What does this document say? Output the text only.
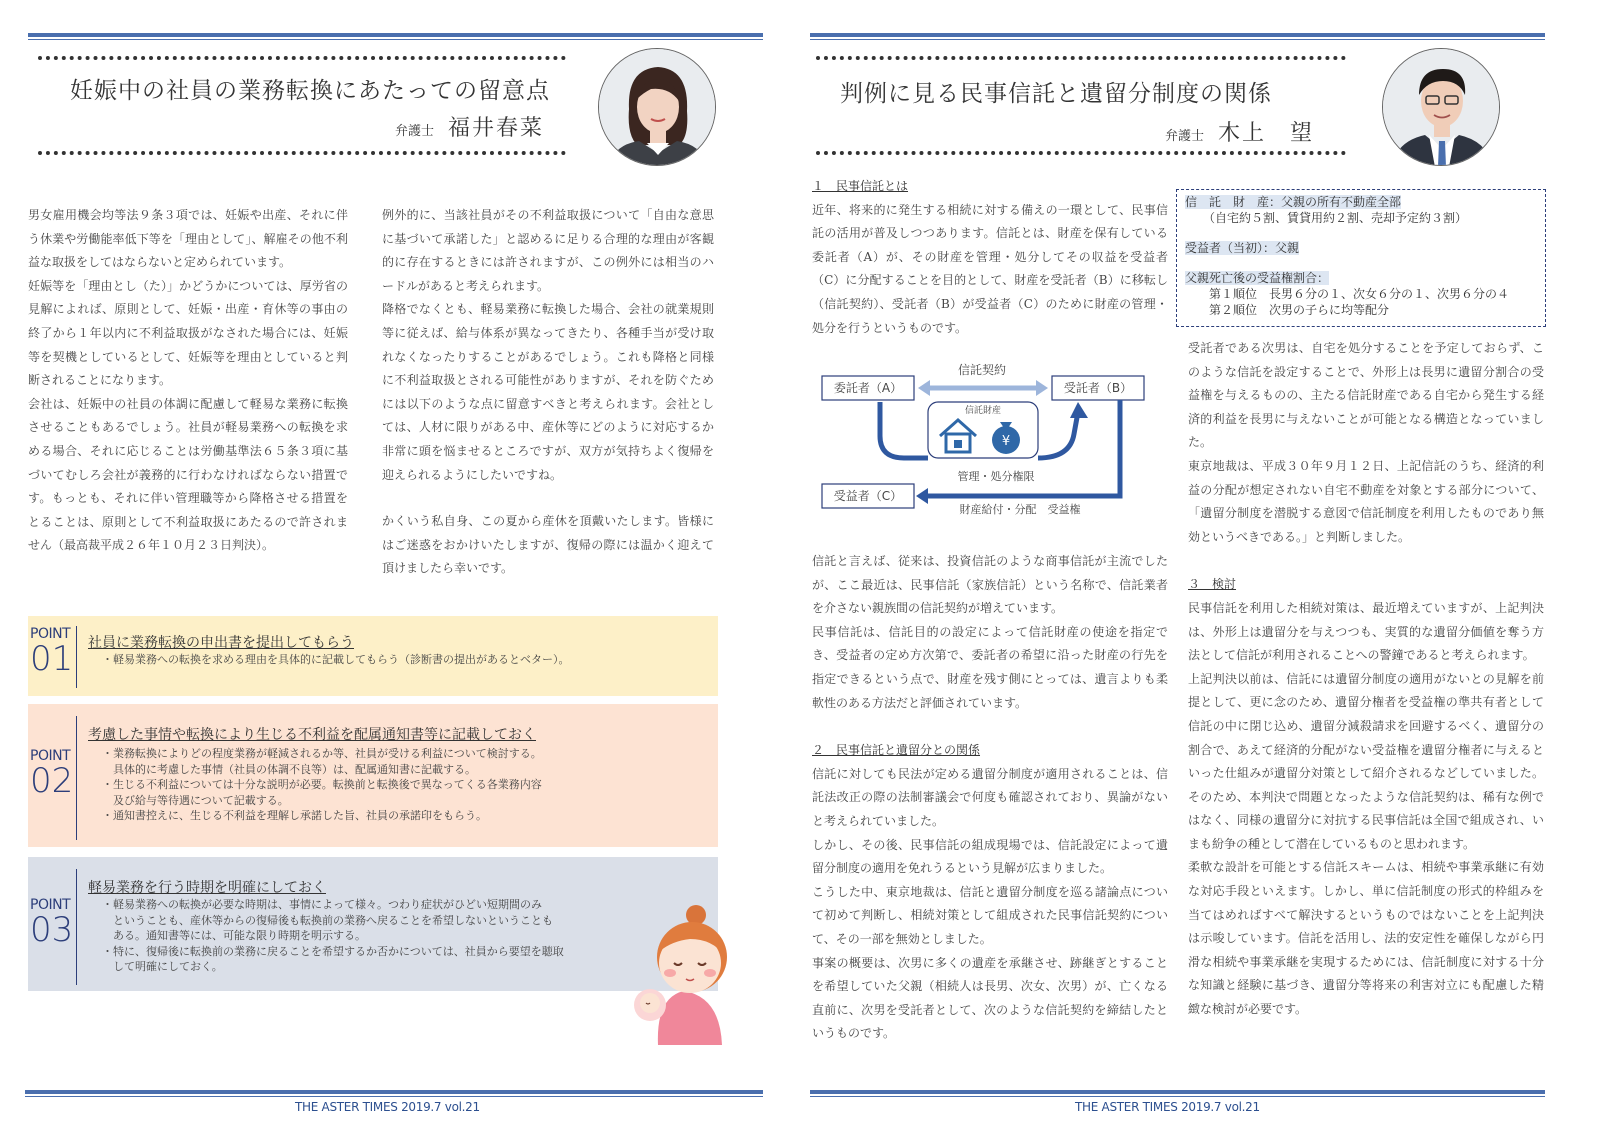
妊娠中の社員の業務転換にあたっての留意点
弁護士 福井春菜

男女雇用機会均等法９条３項では、妊娠や出産、それに伴う休業や労働能率低下等を「理由として」、解雇その他不利益な取扱をしてはならないと定められています。

妊娠等を「理由とし（た）」かどうかについては、厚労省の見解によれば、原則として、妊娠・出産・育休等の事由の終了から１年以内に不利益取扱がなされた場合には、妊娠等を契機としているとして、妊娠等を理由としていると判断されることになります。

会社は、妊娠中の社員の体調に配慮して軽易な業務に転換させることもあるでしょう。社員が軽易業務への転換を求める場合、それに応じることは労働基準法６５条３項に基づいてむしろ会社が義務的に行わなければならない措置です。もっとも、それに伴い管理職等から降格させる措置をとることは、原則として不利益取扱にあたるので許されません（最高裁平成２６年１０月２３日判決）。

例外的に、当該社員がその不利益取扱について「自由な意思に基づいて承諾した」と認めるに足りる合理的な理由が客観的に存在するときには許されますが、この例外には相当のハードルがあると考えられます。

降格でなくとも、軽易業務に転換した場合、会社の就業規則等に従えば、給与体系が異なってきたり、各種手当が受け取れなくなったりすることがあるでしょう。これも降格と同様に不利益取扱とされる可能性がありますが、それを防ぐためには以下のような点に留意すべきと考えられます。会社としては、人材に限りがある中、産休等にどのように対応するか非常に頭を悩ませるところですが、双方が気持ちよく復帰を迎えられるようにしたいですね。

かくいう私自身、この夏から産休を頂戴いたします。皆様にはご迷惑をおかけいたしますが、復帰の際には温かく迎えて頂けましたら幸いです。

POINT
01 社員に業務転換の申出書を提出してもらう
・軽易業務への転換を求める理由を具体的に記載してもらう（診断書の提出があるとベター）。
POINT
02
考慮した事情や転換により生じる不利益を配属通知書等に記載しておく
・業務転換によりどの程度業務が軽減されるか等、社員が受ける利益について検討する。
　具体的に考慮した事情（社員の体調不良等）は、配属通知書に記載する。
・生じる不利益については十分な説明が必要。転換前と転換後で異なってくる各業務内容
　及び給与等待遇について記載する。
・通知書控えに、生じる不利益を理解し承諾した旨、社員の承諾印をもらう。
POINT
03
軽易業務を行う時期を明確にしておく
・軽易業務への転換が必要な時期は、事情によって様々。つわり症状がひどい短期間のみ
　ということも、産休等からの復帰後も転換前の業務へ戻ることを希望しないということも
　ある。通知書等には、可能な限り時期を明示する。
・特に、復帰後に転換前の業務に戻ることを希望するか否かについては、社員から要望を聴取
　して明確にしておく。
THE ASTER TIMES 2019.7 vol.21
判例に見る民事信託と遺留分制度の関係
弁護士 木上　望

１　民事信託とは

近年、将来的に発生する相続に対する備えの一環として、民事信託の活用が普及しつつあります。信託とは、財産を保有している委託者（A）が、その財産を管理・処分してその収益を受益者（C）に分配することを目的として、財産を受託者（B）に移転し（信託契約）、受託者（B）が受益者（C）のために財産の管理・処分を行うというものです。

委託者（A）	受託者（B）
受益者（C）
信託契約
信託財産
¥
管理・処分権限
財産給付・分配　受益権

信託と言えば、従来は、投資信託のような商事信託が主流でしたが、ここ最近は、民事信託（家族信託）という名称で、信託業者を介さない親族間の信託契約が増えています。

民事信託は、信託目的の設定によって信託財産の使途を指定でき、受益者の定め方次第で、委託者の希望に沿った財産の行先を指定できるという点で、財産を残す側にとっては、遺言よりも柔軟性のある方法だと評価されています。

２　民事信託と遺留分との関係

信託に対しても民法が定める遺留分制度が適用されることは、信託法改正の際の法制審議会で何度も確認されており、異論がないと考えられていました。

しかし、その後、民事信託の組成現場では、信託設定によって遺留分制度の適用を免れうるという見解が広まりました。

こうした中、東京地裁は、信託と遺留分制度を巡る諸論点について初めて判断し、相続対策として組成された民事信託契約について、その一部を無効としました。

事案の概要は、次男に多くの遺産を承継させ、跡継ぎとすることを希望していた父親（相続人は長男、次女、次男）が、亡くなる直前に、次男を受託者として、次のような信託契約を締結したというものです。

信　託　財　産：父親の所有不動産全部
　　（自宅約５割、賃貸用約２割、売却予定約３割）
受益者（当初）：父親
父親死亡後の受益権割合：
　　第１順位　長男６分の１、次女６分の１、次男６分の４
　　第２順位　次男の子らに均等配分

受託者である次男は、自宅を処分することを予定しておらず、このような信託を設定することで、外形上は長男に遺留分割合の受益権を与えるものの、主たる信託財産である自宅から発生する経済的利益を長男に与えないことが可能となる構造となっていました。

東京地裁は、平成３０年９月１２日、上記信託のうち、経済的利益の分配が想定されない自宅不動産を対象とする部分について、「遺留分制度を潜脱する意図で信託制度を利用したものであり無効というべきである。」と判断しました。

３　検討

民事信託を利用した相続対策は、最近増えていますが、上記判決は、外形上は遺留分を与えつつも、実質的な遺留分価値を奪う方法として信託が利用されることへの警鐘であると考えられます。

上記判決以前は、信託には遺留分制度の適用がないとの見解を前提として、更に念のため、遺留分権者を受益権の準共有者として信託の中に閉じ込め、遺留分減殺請求を回避するべく、遺留分の割合で、あえて経済的分配がない受益権を遺留分権者に与えるといった仕組みが遺留分対策として紹介されるなどしていました。そのため、本判決で問題となったような信託契約は、稀有な例ではなく、同様の遺留分に対抗する民事信託は全国で組成され、いまも紛争の種として潜在しているものと思われます。

柔軟な設計を可能とする信託スキームは、相続や事業承継に有効な対応手段といえます。しかし、単に信託制度の形式的枠組みを当てはめればすべて解決するというものではないことを上記判決は示唆しています。信託を活用し、法的安定性を確保しながら円滑な相続や事業承継を実現するためには、信託制度に対する十分な知識と経験に基づき、遺留分等将来の利害対立にも配慮した精緻な検討が必要です。

THE ASTER TIMES 2019.7 vol.21
